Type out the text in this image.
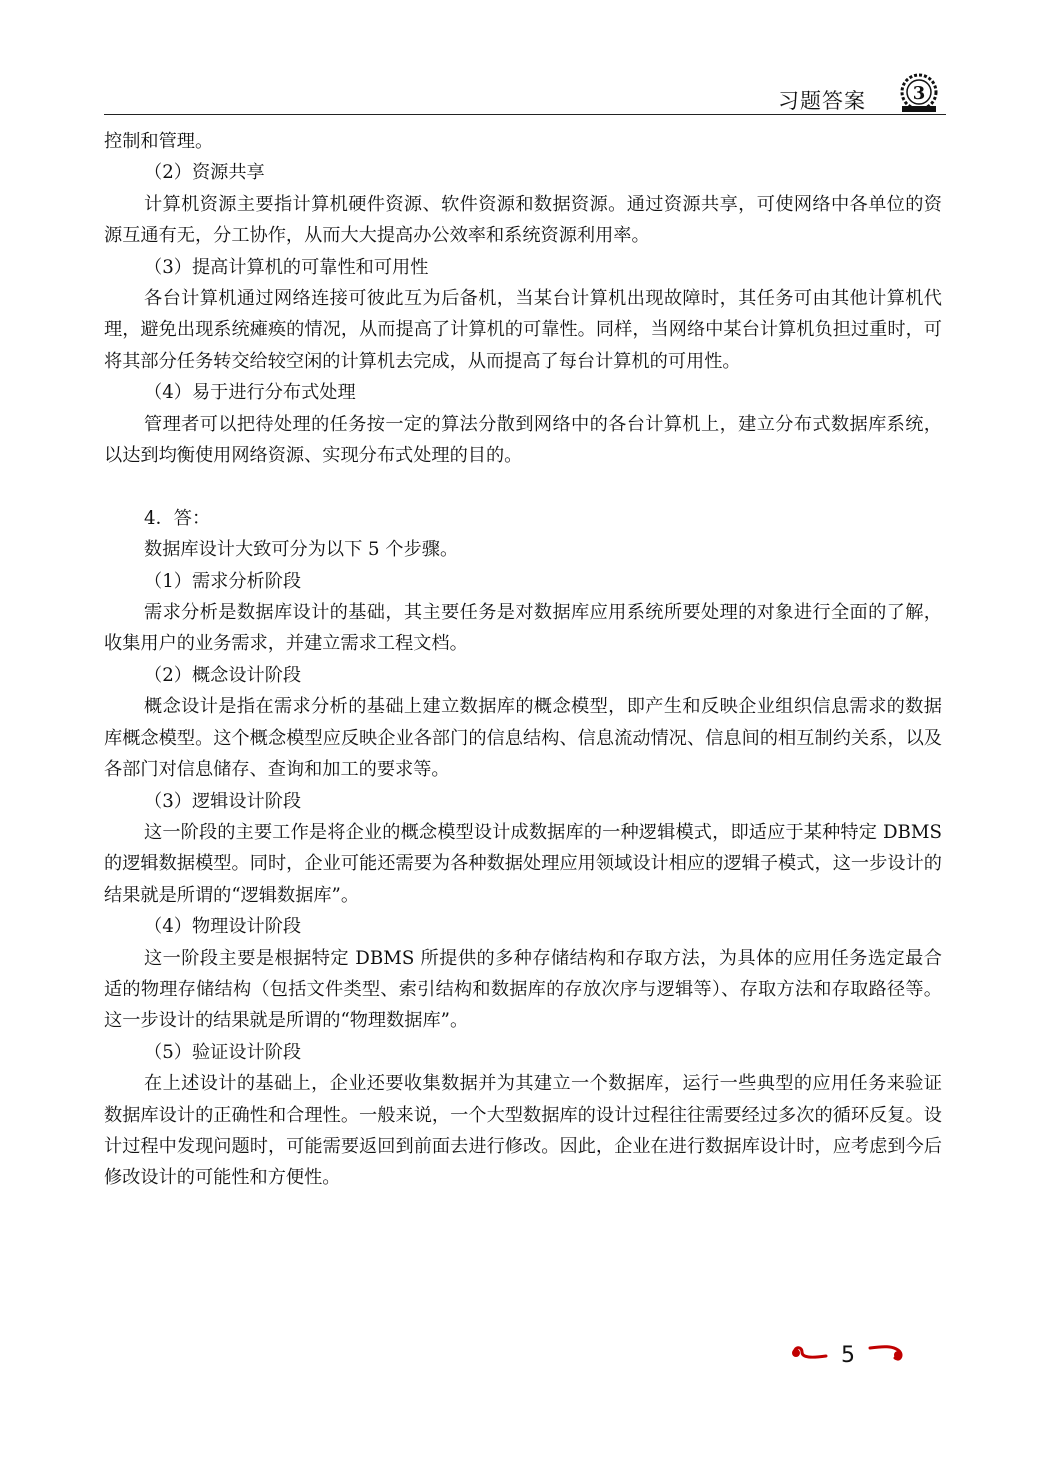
习题答案	3

控制和管理。

（2）资源共享

计算机资源主要指计算机硬件资源、软件资源和数据资源。通过资源共享，可使网络中各单位的资源互通有无，分工协作，从而大大提高办公效率和系统资源利用率。

（3）提高计算机的可靠性和可用性

各台计算机通过网络连接可彼此互为后备机，当某台计算机出现故障时，其任务可由其他计算机代理，避免出现系统瘫痪的情况，从而提高了计算机的可靠性。同样，当网络中某台计算机负担过重时，可将其部分任务转交给较空闲的计算机去完成，从而提高了每台计算机的可用性。

（4）易于进行分布式处理

管理者可以把待处理的任务按一定的算法分散到网络中的各台计算机上，建立分布式数据库系统，以达到均衡使用网络资源、实现分布式处理的目的。

4．答：

数据库设计大致可分为以下 5 个步骤。

（1）需求分析阶段

需求分析是数据库设计的基础，其主要任务是对数据库应用系统所要处理的对象进行全面的了解，收集用户的业务需求，并建立需求工程文档。

（2）概念设计阶段

概念设计是指在需求分析的基础上建立数据库的概念模型，即产生和反映企业组织信息需求的数据库概念模型。这个概念模型应反映企业各部门的信息结构、信息流动情况、信息间的相互制约关系，以及各部门对信息储存、查询和加工的要求等。

（3）逻辑设计阶段

这一阶段的主要工作是将企业的概念模型设计成数据库的一种逻辑模式，即适应于某种特定 DBMS 的逻辑数据模型。同时，企业可能还需要为各种数据处理应用领域设计相应的逻辑子模式，这一步设计的结果就是所谓的“逻辑数据库”。

（4）物理设计阶段

这一阶段主要是根据特定 DBMS 所提供的多种存储结构和存取方法，为具体的应用任务选定最合适的物理存储结构（包括文件类型、索引结构和数据库的存放次序与逻辑等）、存取方法和存取路径等。这一步设计的结果就是所谓的“物理数据库”。

（5）验证设计阶段

在上述设计的基础上，企业还要收集数据并为其建立一个数据库，运行一些典型的应用任务来验证数据库设计的正确性和合理性。一般来说，一个大型数据库的设计过程往往需要经过多次的循环反复。设计过程中发现问题时，可能需要返回到前面去进行修改。因此，企业在进行数据库设计时，应考虑到今后修改设计的可能性和方便性。

5
